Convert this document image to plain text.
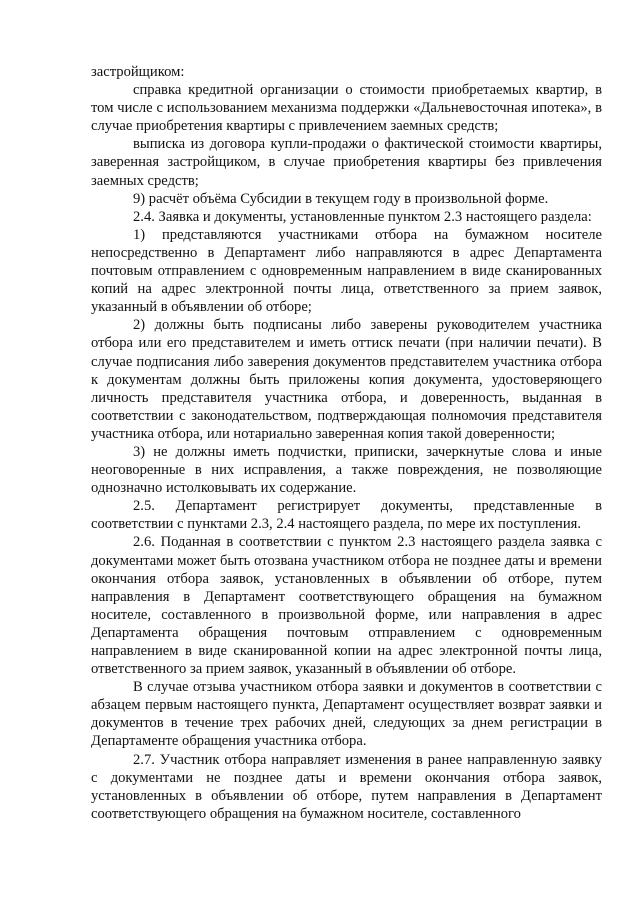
застройщиком:

справка кредитной организации о стоимости приобретаемых квартир, в том числе с использованием механизма поддержки «Дальневосточная ипотека», в случае приобретения квартиры с привлечением заемных средств;

выписка из договора купли-продажи о фактической стоимости квартиры, заверенная застройщиком, в случае приобретения квартиры без привлечения заемных средств;

9) расчёт объёма Субсидии в текущем году в произвольной форме.

2.4. Заявка и документы, установленные пунктом 2.3 настоящего раздела:

1) представляются участниками отбора на бумажном носителе непосредственно в Департамент либо направляются в адрес Департамента почтовым отправлением с одновременным направлением в виде сканированных копий на адрес электронной почты лица, ответственного за прием заявок, указанный в объявлении об отборе;

2) должны быть подписаны либо заверены руководителем участника отбора или его представителем и иметь оттиск печати (при наличии печати). В случае подписания либо заверения документов представителем участника отбора к документам должны быть приложены копия документа, удостоверяющего личность представителя участника отбора, и доверенность, выданная в соответствии с законодательством, подтверждающая полномочия представителя участника отбора, или нотариально заверенная копия такой доверенности;

3) не должны иметь подчистки, приписки, зачеркнутые слова и иные неоговоренные в них исправления, а также повреждения, не позволяющие однозначно истолковывать их содержание.

2.5. Департамент регистрирует документы, представленные в соответствии с пунктами 2.3, 2.4 настоящего раздела, по мере их поступления.

2.6. Поданная в соответствии с пунктом 2.3 настоящего раздела заявка с документами может быть отозвана участником отбора не позднее даты и времени окончания отбора заявок, установленных в объявлении об отборе, путем направления в Департамент соответствующего обращения на бумажном носителе, составленного в произвольной форме, или направления в адрес Департамента обращения почтовым отправлением с одновременным направлением в виде сканированной копии на адрес электронной почты лица, ответственного за прием заявок, указанный в объявлении об отборе.

В случае отзыва участником отбора заявки и документов в соответствии с абзацем первым настоящего пункта, Департамент осуществляет возврат заявки и документов в течение трех рабочих дней, следующих за днем регистрации в Департаменте обращения участника отбора.

2.7. Участник отбора направляет изменения в ранее направленную заявку с документами не позднее даты и времени окончания отбора заявок, установленных в объявлении об отборе, путем направления в Департамент соответствующего обращения на бумажном носителе, составленного
